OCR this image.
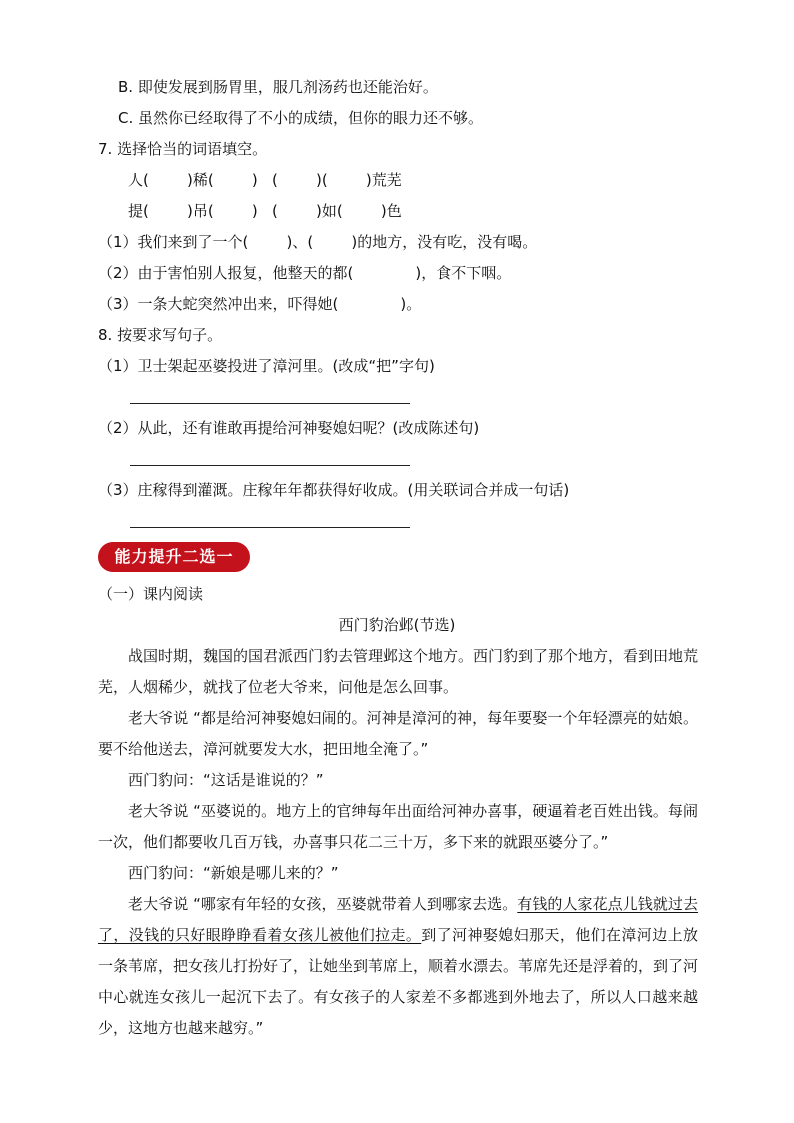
B. 即使发展到肠胃里，服几剂汤药也还能治好。
C. 虽然你已经取得了不小的成绩，但你的眼力还不够。
7. 选择恰当的词语填空。
人(        )稀(        )   (        )(        )荒芜
提(        )吊(        )   (        )如(        )色
（1）我们来到了一个(        )、(        )的地方，没有吃，没有喝。
（2）由于害怕别人报复，他整天的都(             )，食不下咽。
（3）一条大蛇突然冲出来，吓得她(             )。
8. 按要求写句子。
（1）卫士架起巫婆投进了漳河里。(改成“把”字句)
（2）从此，还有谁敢再提给河神娶媳妇呢？(改成陈述句)
（3）庄稼得到灌溉。庄稼年年都获得好收成。(用关联词合并成一句话)
能力提升二选一
（一）课内阅读
西门豹治邺(节选)

战国时期，魏国的国君派西门豹去管理邺这个地方。西门豹到了那个地方，看到田地荒芜，人烟稀少，就找了位老大爷来，问他是怎么回事。

老大爷说 “都是给河神娶媳妇闹的。河神是漳河的神，每年要娶一个年轻漂亮的姑娘。要不给他送去，漳河就要发大水，把田地全淹了。”

西门豹问：“这话是谁说的？”

老大爷说 “巫婆说的。地方上的官绅每年出面给河神办喜事，硬逼着老百姓出钱。每闹一次，他们都要收几百万钱，办喜事只花二三十万，多下来的就跟巫婆分了。”

西门豹问：“新娘是哪儿来的？”

老大爷说 “哪家有年轻的女孩，巫婆就带着人到哪家去选。有钱的人家花点儿钱就过去了，没钱的只好眼睁睁看着女孩儿被他们拉走。到了河神娶媳妇那天，他们在漳河边上放一条苇席，把女孩儿打扮好了，让她坐到苇席上，顺着水漂去。苇席先还是浮着的，到了河中心就连女孩儿一起沉下去了。有女孩子的人家差不多都逃到外地去了，所以人口越来越少，这地方也越来越穷。”
